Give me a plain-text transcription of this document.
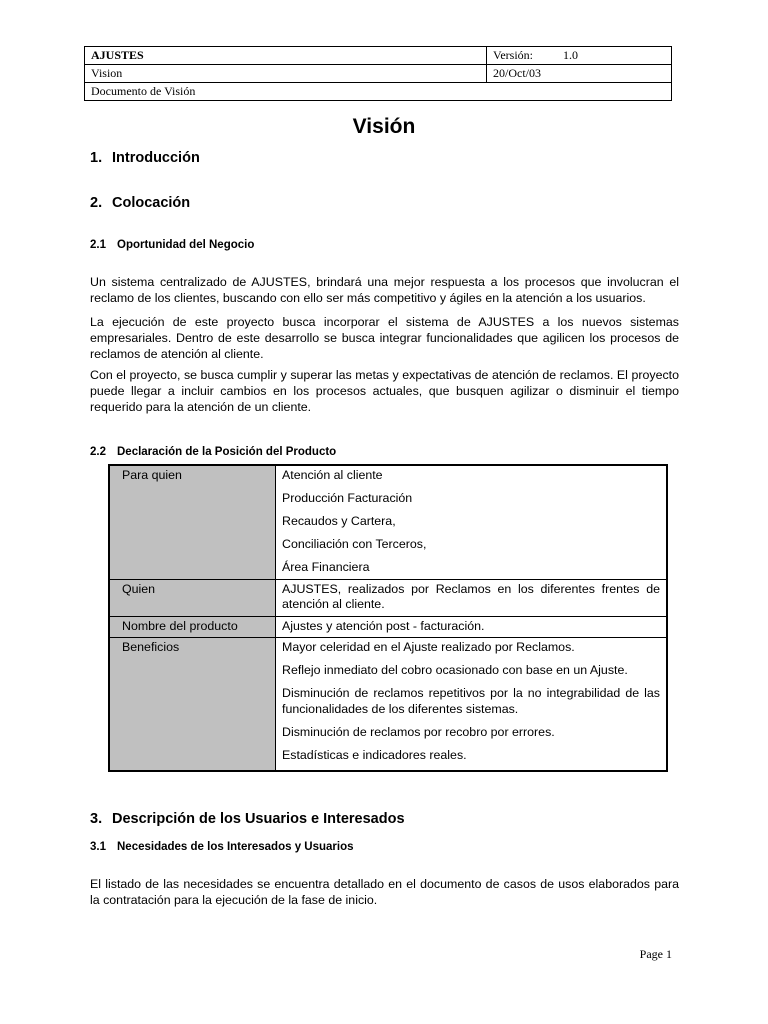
AJUSTES	Versión: 1.0
Vision	20/Oct/03
Documento de Visión	
Visión
1. Introducción
2. Colocación
2.1 Oportunidad del Negocio

Un sistema centralizado de AJUSTES, brindará una mejor respuesta a los procesos que involucran el reclamo de los clientes, buscando con ello ser más competitivo y ágiles en la atención a los usuarios.

La ejecución de este proyecto busca incorporar el sistema de AJUSTES a los nuevos sistemas empresariales. Dentro de este desarrollo se busca integrar funcionalidades que agilicen los procesos de reclamos de atención al cliente.

Con el proyecto, se busca cumplir y superar las metas y expectativas de atención de reclamos. El proyecto puede llegar a incluir cambios en los procesos actuales, que busquen agilizar o disminuir el tiempo requerido para la atención de un cliente.

2.2 Declaración de la Posición del Producto
Para quien	Atención al cliente
Producción Facturación
Recaudos y Cartera,
Conciliación con Terceros,
Área Financiera

Quien	AJUSTES, realizados por Reclamos en los diferentes frentes de atención al cliente.

Nombre del producto	Ajustes y atención post - facturación.

Beneficios	Mayor celeridad en el Ajuste realizado por Reclamos.
Reflejo inmediato del cobro ocasionado con base en un Ajuste.
Disminución de reclamos repetitivos por la no integrabilidad de las funcionalidades de los diferentes sistemas.
Disminución de reclamos por recobro por errores.
Estadísticas e indicadores reales.
3. Descripción de los Usuarios e Interesados
3.1 Necesidades de los Interesados y Usuarios

El listado de las necesidades se encuentra detallado en el documento de casos de usos elaborados para la contratación para la ejecución de la fase de inicio.

Page 1
